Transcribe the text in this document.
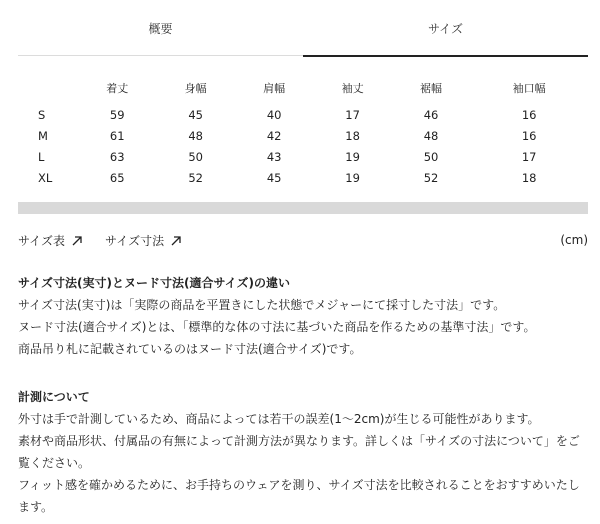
概要	サイズ
	着丈	身幅	肩幅	袖丈	裾幅	袖口幅
S	59	45	40	17	46	16
M	61	48	42	18	48	16
L	63	50	43	19	50	17
XL	65	52	45	19	52	18
サイズ表	サイズ寸法	(cm)
サイズ寸法(実寸)とヌード寸法(適合サイズ)の違い

サイズ寸法(実寸)は「実際の商品を平置きにした状態でメジャーにて採寸した寸法」です。

ヌード寸法(適合サイズ)とは、「標準的な体の寸法に基づいた商品を作るための基準寸法」です。

商品吊り札に記載されているのはヌード寸法(適合サイズ)です。

計測について

外寸は手で計測しているため、商品によっては若干の誤差(1〜2cm)が生じる可能性があります。

素材や商品形状、付属品の有無によって計測方法が異なります。詳しくは「サイズの寸法について」をご覧ください。

フィット感を確かめるために、お手持ちのウェアを測り、サイズ寸法を比較されることをおすすめいたします。
